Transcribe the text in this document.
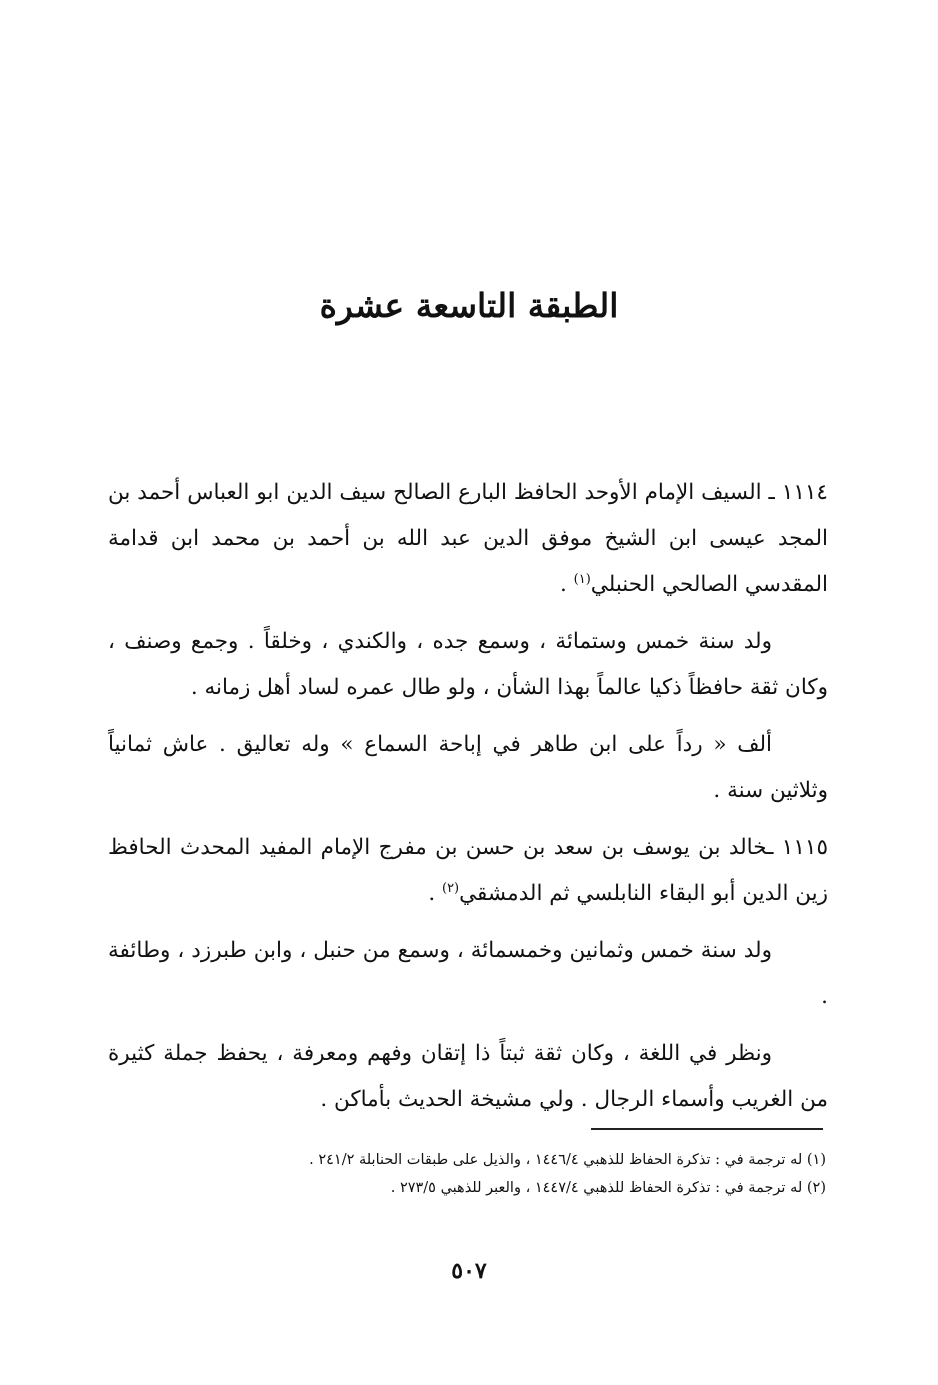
الطبقة التاسعة عشرة

١١١٤ ـ السيف الإمام الأوحد الحافظ البارع الصالح سيف الدين ابو العباس أحمد بن المجد عيسى ابن الشيخ موفق الدين عبد الله بن أحمد بن محمد ابن قدامة المقدسي الصالحي الحنبلي$^{(١)}$ .

ولد سنة خمس وستمائة ، وسمع جده ، والكندي ، وخلقاً . وجمع وصنف ، وكان ثقة حافظاً ذكيا عالماً بهذا الشأن ، ولو طال عمره لساد أهل زمانه .

ألف « رداً على ابن طاهر في إباحة السماع » وله تعاليق . عاش ثمانياً وثلاثين سنة .

١١١٥ ـخالد بن يوسف بن سعد بن حسن بن مفرج الإمام المفيد المحدث الحافظ زين الدين أبو البقاء النابلسي ثم الدمشقي$^{(٢)}$ .

ولد سنة خمس وثمانين وخمسمائة ، وسمع من حنبل ، وابن طبرزد ، وطائفة .

ونظر في اللغة ، وكان ثقة ثبتاً ذا إتقان وفهم ومعرفة ، يحفظ جملة كثيرة من الغريب وأسماء الرجال . ولي مشيخة الحديث بأماكن .

(١) له ترجمة في : تذكرة الحفاظ للذهبي ١٤٤٦/٤ ، والذيل على طبقات الحنابلة ٢٤١/٢ .

(٢) له ترجمة في : تذكرة الحفاظ للذهبي ١٤٤٧/٤ ، والعبر للذهبي ٢٧٣/٥ .

٥٠٧
